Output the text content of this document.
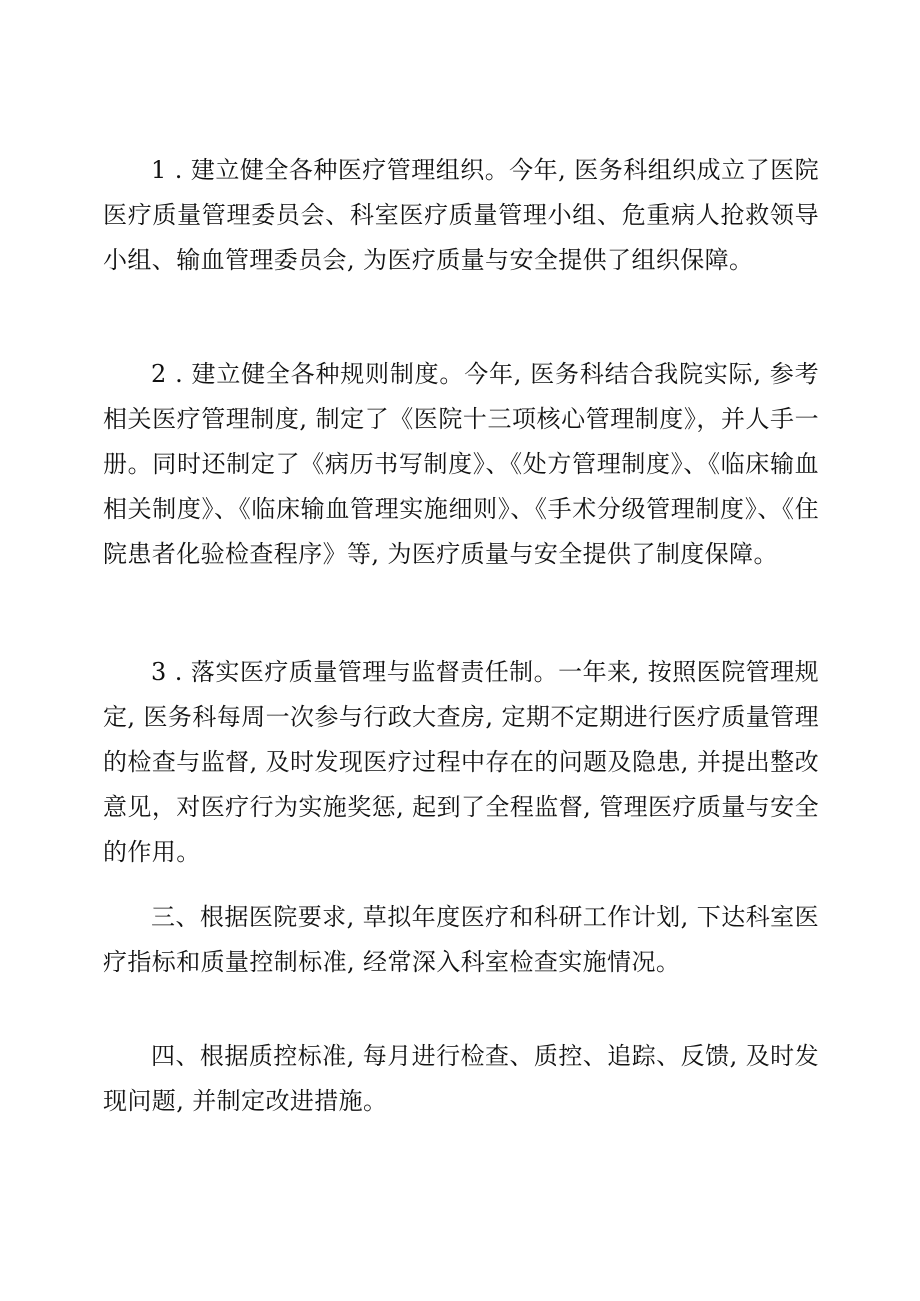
1 . 建立健全各种医疗管理组织。今年, 医务科组织成立了医院医疗质量管理委员会、科室医疗质量管理小组、危重病人抢救领导小组、输血管理委员会, 为医疗质量与安全提供了组织保障。

2 . 建立健全各种规则制度。今年, 医务科结合我院实际, 参考相关医疗管理制度, 制定了《医院十三项核心管理制度》，并人手一册。同时还制定了《病历书写制度》、《处方管理制度》、《临床输血相关制度》、《临床输血管理实施细则》、《手术分级管理制度》、《住院患者化验检查程序》等, 为医疗质量与安全提供了制度保障。

3 . 落实医疗质量管理与监督责任制。一年来, 按照医院管理规定, 医务科每周一次参与行政大查房, 定期不定期进行医疗质量管理的检查与监督, 及时发现医疗过程中存在的问题及隐患, 并提出整改意见，对医疗行为实施奖惩, 起到了全程监督, 管理医疗质量与安全的作用。

三、根据医院要求, 草拟年度医疗和科研工作计划, 下达科室医疗指标和质量控制标准, 经常深入科室检查实施情况。

四、根据质控标准, 每月进行检查、质控、追踪、反馈, 及时发现问题, 并制定改进措施。
